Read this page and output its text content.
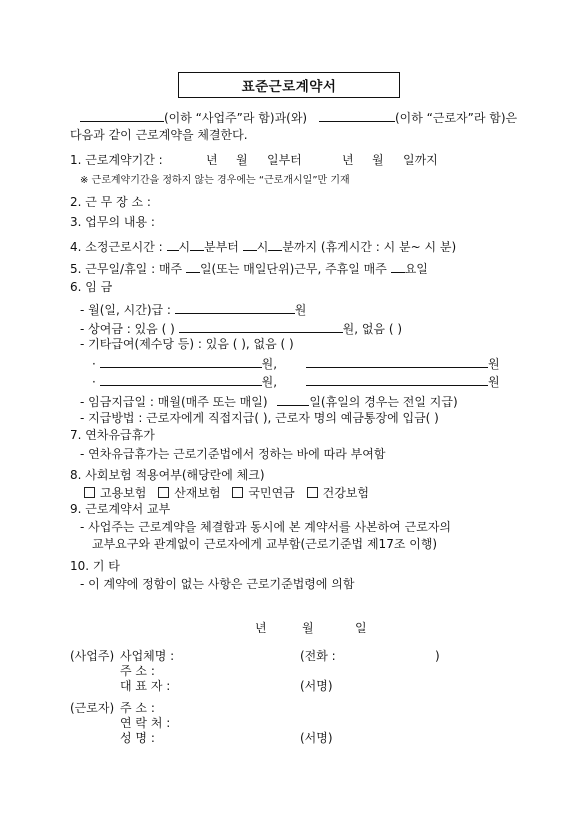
표준근로계약서
(이하 “사업주”라 함)과(와)	(이하 “근로자”라 함)은
다음과 같이 근로계약을 체결한다.
1. 근로계약기간 :	년 월 일부터	년 월 일까지
※ 근로계약기간을 정하지 않는 경우에는 “근로개시일”만 기재
2. 근 무 장 소 :
3. 업무의 내용 :
4. 소정근로시간 : 시 분부터 시 분까지 (휴게시간 : 시 분~ 시 분)
5. 근무일/휴일 : 매주 일(또는 매일단위)근무, 주휴일 매주 요일
6. 임 금
- 월(일, 시간)급 :	원
- 상여금 : 있음 ( )	원, 없음 ( )
- 기타급여(제수당 등) : 있음 ( ), 없음 ( )
·	원,	원
·	원,	원
- 임금지급일 : 매월(매주 또는 매일)	일(휴일의 경우는 전일 지급)
- 지급방법 : 근로자에게 직접지급( ), 근로자 명의 예금통장에 입금( )
7. 연차유급휴가
- 연차유급휴가는 근로기준법에서 정하는 바에 따라 부여함
8. 사회보험 적용여부(해당란에 체크)
고용보험 산재보험 국민연금 건강보험
9. 근로계약서 교부
- 사업주는 근로계약을 체결함과 동시에 본 계약서를 사본하여 근로자의
교부요구와 관계없이 근로자에게 교부함(근로기준법 제17조 이행)
10. 기 타
- 이 계약에 정함이 없는 사항은 근로기준법령에 의함
년	월	일
(사업주) 사업체명 :	(전화 :	)
주 소 :
대 표 자 :	(서명)
(근로자) 주 소 :
연 락 처 :
성 명 :	(서명)
